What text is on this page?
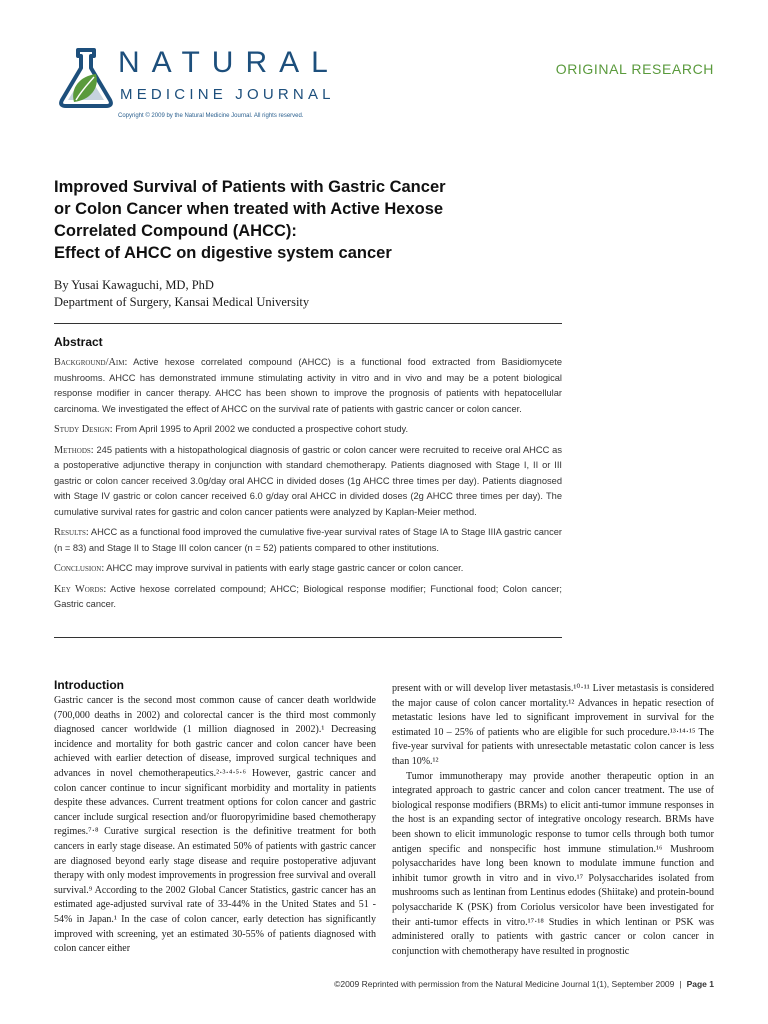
NATURAL
MEDICINE JOURNAL
Copyright © 2009 by the Natural Medicine Journal. All rights reserved.
ORIGINAL RESEARCH
Improved Survival of Patients with Gastric Cancer
or Colon Cancer when treated with Active Hexose
Correlated Compound (AHCC):
Effect of AHCC on digestive system cancer
By Yusai Kawaguchi, MD, PhD
Department of Surgery, Kansai Medical University
Abstract

Background/Aim: Active hexose correlated compound (AHCC) is a functional food extracted from Basidiomycete mushrooms. AHCC has demonstrated immune stimulating activity in vitro and in vivo and may be a potent biological response modifier in cancer therapy. AHCC has been shown to improve the prognosis of patients with hepatocellular carcinoma. We investigated the effect of AHCC on the survival rate of patients with gastric cancer or colon cancer.

Study Design: From April 1995 to April 2002 we conducted a prospective cohort study.

Methods: 245 patients with a histopathological diagnosis of gastric or colon cancer were recruited to receive oral AHCC as a postoperative adjunctive therapy in conjunction with standard chemotherapy. Patients diagnosed with Stage I, II or III gastric or colon cancer received 3.0g/day oral AHCC in divided doses (1g AHCC three times per day). Patients diagnosed with Stage IV gastric or colon cancer received 6.0 g/day oral AHCC in divided doses (2g AHCC three times per day). The cumulative survival rates for gastric and colon cancer patients were analyzed by Kaplan-Meier method.

Results: AHCC as a functional food improved the cumulative five-year survival rates of Stage IA to Stage IIIA gastric cancer (n = 83) and Stage II to Stage III colon cancer (n = 52) patients compared to other institutions.

Conclusion: AHCC may improve survival in patients with early stage gastric cancer or colon cancer.

Key Words: Active hexose correlated compound; AHCC; Biological response modifier; Functional food; Colon cancer; Gastric cancer.

Introduction

Gastric cancer is the second most common cause of cancer death worldwide (700,000 deaths in 2002) and colorectal cancer is the third most commonly diagnosed cancer worldwide (1 million diagnosed in 2002).¹ Decreasing incidence and mortality for both gastric cancer and colon cancer have been achieved with earlier detection of disease, improved surgical techniques and advances in novel chemotherapeutics.²·³·⁴·⁵·⁶ However, gastric cancer and colon cancer continue to incur significant morbidity and mortality in patients despite these advances. Current treatment options for colon cancer and gastric cancer include surgical resection and/or fluoropyrimidine based chemotherapy regimes.⁷·⁸ Curative surgical resection is the definitive treatment for both cancers in early stage disease. An estimated 50% of patients with gastric cancer are diagnosed beyond early stage disease and require postoperative adjuvant therapy with only modest improvements in progression free survival and overall survival.⁹ According to the 2002 Global Cancer Statistics, gastric cancer has an estimated age-adjusted survival rate of 33-44% in the United States and 51 - 54% in Japan.¹ In the case of colon cancer, early detection has significantly improved with screening, yet an estimated 30-55% of patients diagnosed with colon cancer either

present with or will develop liver metastasis.¹⁰·¹¹ Liver metastasis is considered the major cause of colon cancer mortality.¹² Advances in hepatic resection of metastatic lesions have led to significant improvement in survival for the estimated 10 – 25% of patients who are eligible for such procedure.¹³·¹⁴·¹⁵ The five-year survival for patients with unresectable metastatic colon cancer is less than 10%.¹²

Tumor immunotherapy may provide another therapeutic option in an integrated approach to gastric cancer and colon cancer treatment. The use of biological response modifiers (BRMs) to elicit anti-tumor immune responses in the host is an expanding sector of integrative oncology research. BRMs have been shown to elicit immunologic response to tumor cells through both tumor antigen specific and nonspecific host immune stimulation.¹⁶ Mushroom polysaccharides have long been known to modulate immune function and inhibit tumor growth in vitro and in vivo.¹⁷ Polysaccharides isolated from mushrooms such as lentinan from Lentinus edodes (Shiitake) and protein-bound polysaccharide K (PSK) from Coriolus versicolor have been investigated for their anti-tumor effects in vitro.¹⁷·¹⁸ Studies in which lentinan or PSK was administered orally to patients with gastric cancer or colon cancer in conjunction with chemotherapy have resulted in prognostic

©2009 Reprinted with permission from the Natural Medicine Journal 1(1), September 2009 | Page 1
